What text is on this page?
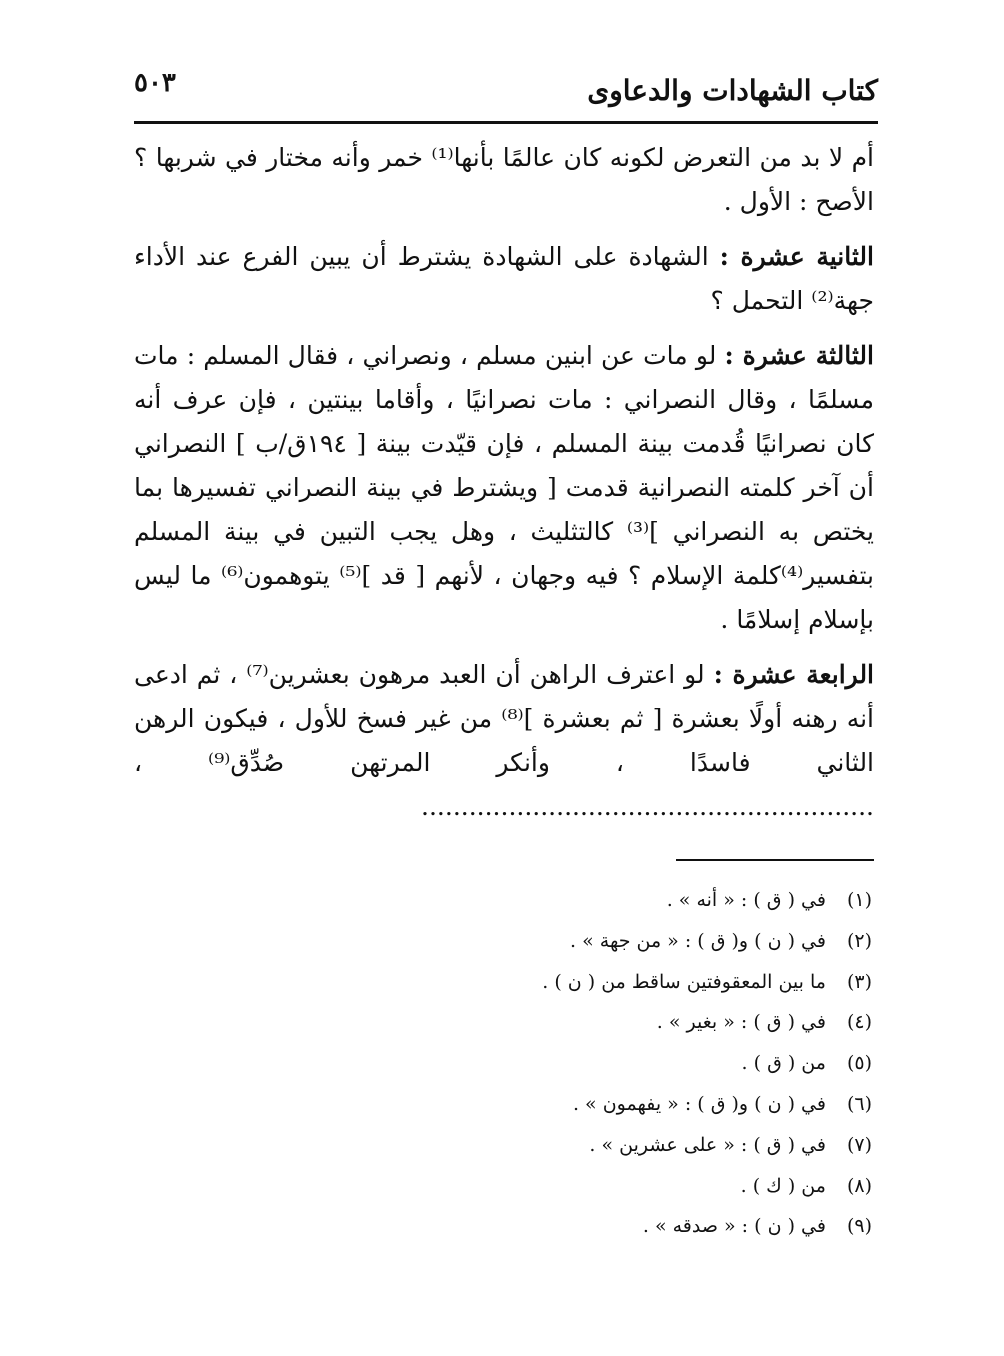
كتاب الشهادات والدعاوى
٥٠٣

أم لا بد من التعرض لكونه كان عالمًا بأنها⁽¹⁾ خمر وأنه مختار في شربها ؟ الأصح : الأول .

الثانية عشرة : الشهادة على الشهادة يشترط أن يبين الفرع عند الأداء جهة⁽²⁾ التحمل ؟

الثالثة عشرة : لو مات عن ابنين مسلم ، ونصراني ، فقال المسلم : مات مسلمًا ، وقال النصراني : مات نصرانيًا ، وأقاما بينتين ، فإن عرف أنه كان نصرانيًا قُدمت بينة المسلم ، فإن قيّدت بينة [ ١٩٤ق/ب ] النصراني أن آخر كلمته النصرانية قدمت [ ويشترط في بينة النصراني تفسيرها بما يختص به النصراني ]⁽³⁾ كالتثليث ، وهل يجب التبين في بينة المسلم بتفسير⁽⁴⁾كلمة الإسلام ؟ فيه وجهان ، لأنهم [ قد ]⁽⁵⁾ يتوهمون⁽⁶⁾ ما ليس بإسلام إسلامًا .

الرابعة عشرة : لو اعترف الراهن أن العبد مرهون بعشرين⁽⁷⁾ ، ثم ادعى أنه رهنه أولًا بعشرة [ ثم بعشرة ]⁽⁸⁾ من غير فسخ للأول ، فيكون الرهن الثاني فاسدًا ، وأنكر المرتهن صُدِّق⁽⁹⁾ ، .........................................................

(١) في ( ق ) : « أنه » .
(٢) في ( ن ) و( ق ) : « من جهة » .
(٣) ما بين المعقوفتين ساقط من ( ن ) .
(٤) في ( ق ) : « بغير » .
(٥) من ( ق ) .
(٦) في ( ن ) و( ق ) : « يفهمون » .
(٧) في ( ق ) : « على عشرين » .
(٨) من ( ك ) .
(٩) في ( ن ) : « صدقه » .
